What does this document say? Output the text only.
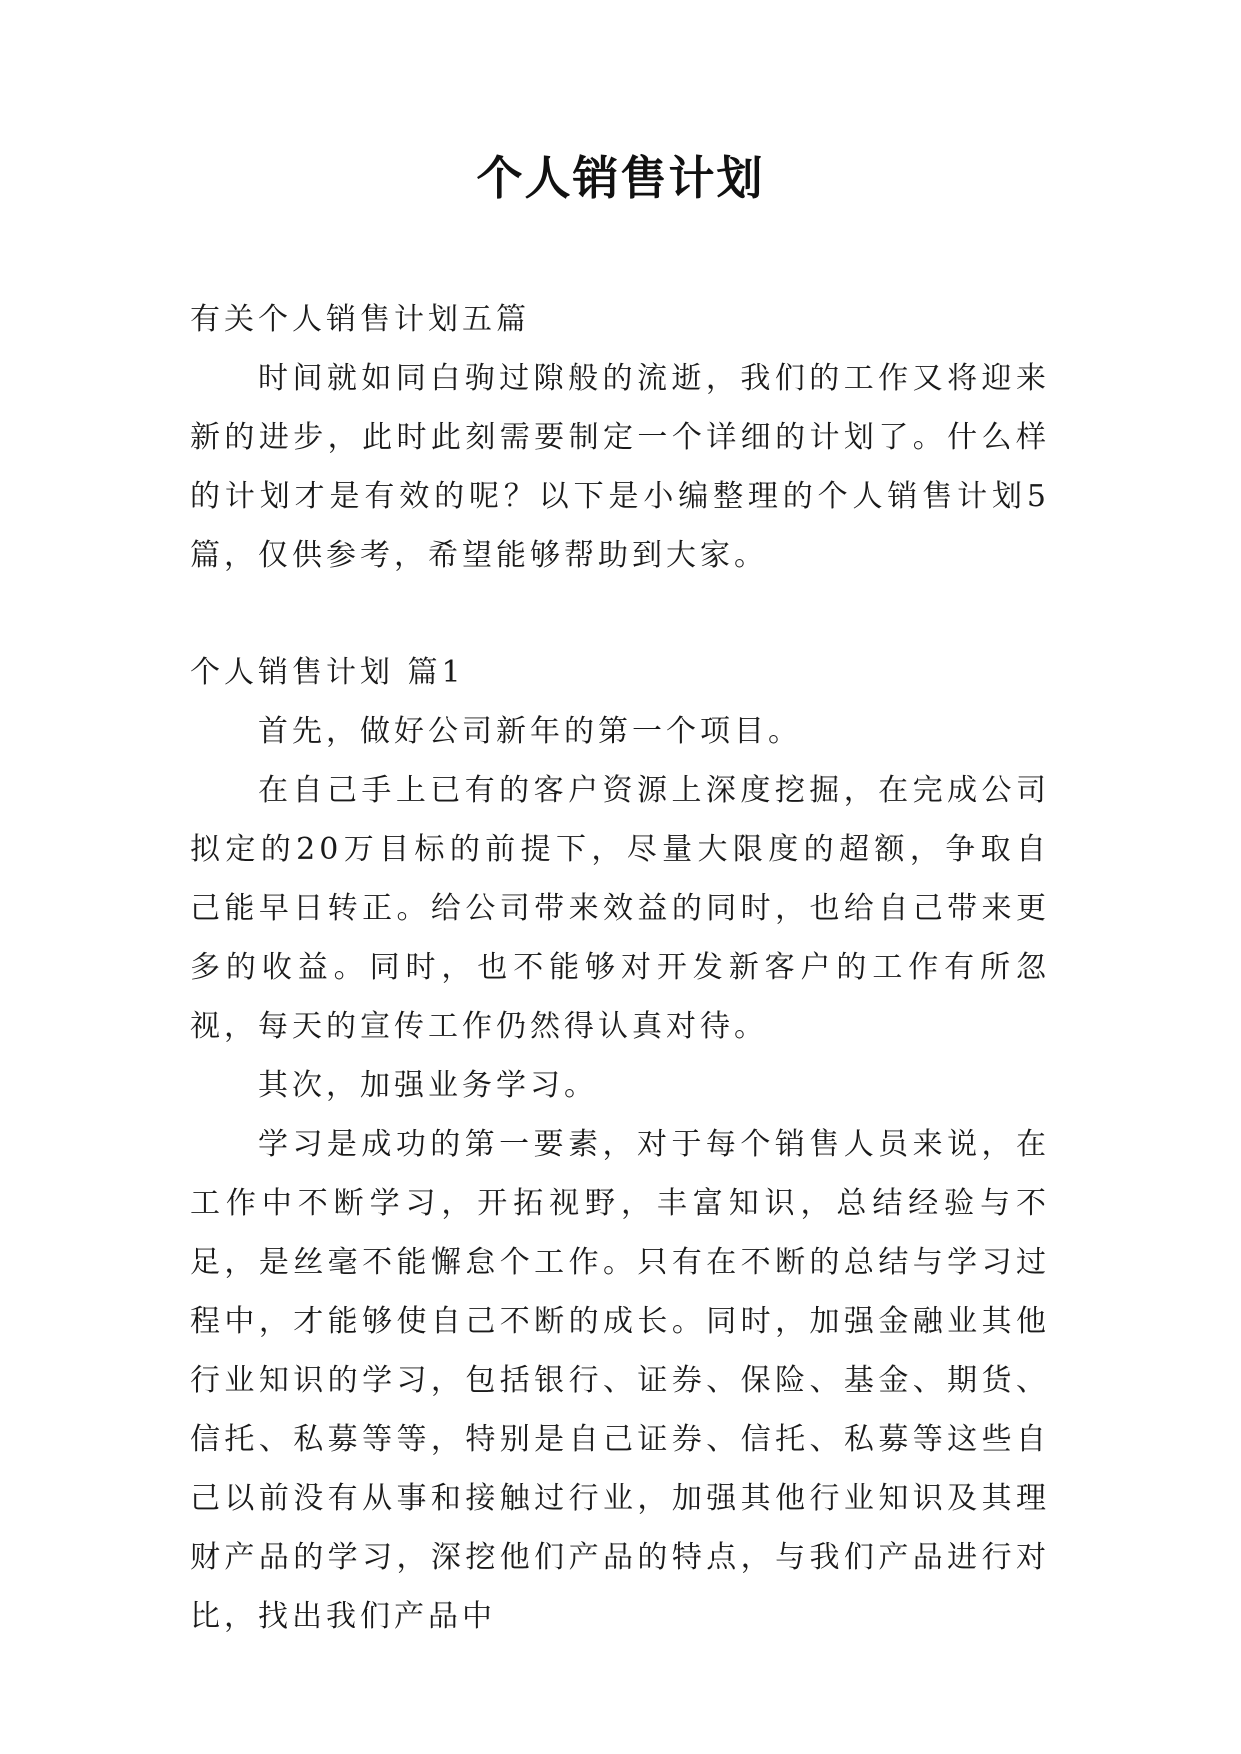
个人销售计划

有关个人销售计划五篇

时间就如同白驹过隙般的流逝，我们的工作又将迎来新的进步，此时此刻需要制定一个详细的计划了。什么样的计划才是有效的呢？以下是小编整理的个人销售计划5篇，仅供参考，希望能够帮助到大家。

个人销售计划 篇1

首先，做好公司新年的第一个项目。

在自己手上已有的客户资源上深度挖掘，在完成公司拟定的20万目标的前提下，尽量大限度的超额，争取自己能早日转正。给公司带来效益的同时，也给自己带来更多的收益。同时，也不能够对开发新客户的工作有所忽视，每天的宣传工作仍然得认真对待。

其次，加强业务学习。

学习是成功的第一要素，对于每个销售人员来说，在工作中不断学习，开拓视野，丰富知识，总结经验与不足，是丝毫不能懈怠个工作。只有在不断的总结与学习过程中，才能够使自己不断的成长。同时，加强金融业其他行业知识的学习，包括银行、证券、保险、基金、期货、信托、私募等等，特别是自己证券、信托、私募等这些自己以前没有从事和接触过行业，加强其他行业知识及其理财产品的学习，深挖他们产品的特点，与我们产品进行对比，找出我们产品中
